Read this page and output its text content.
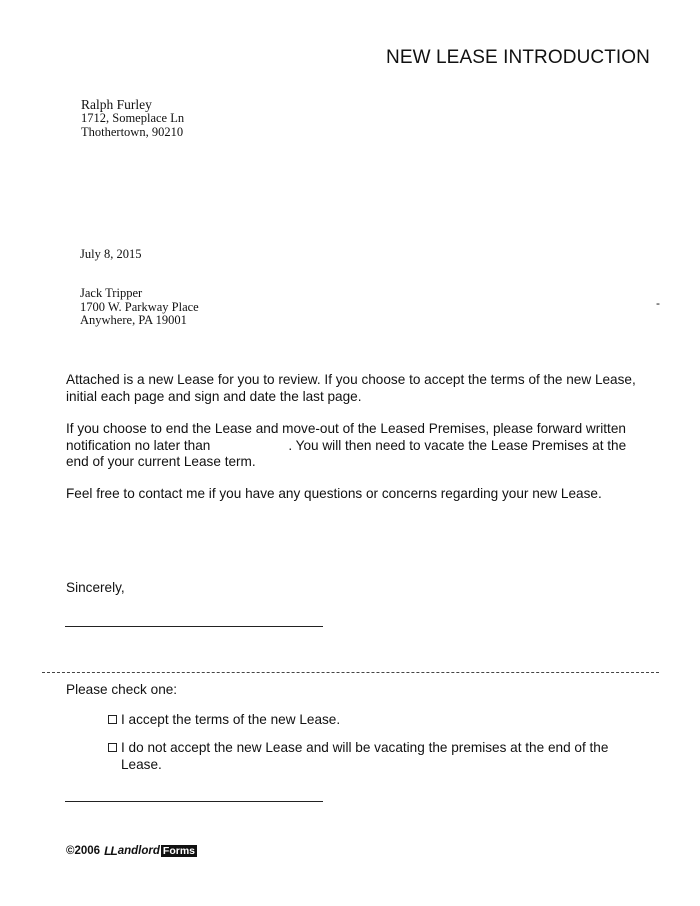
NEW LEASE INTRODUCTION
Ralph Furley
1712, Someplace Ln
Thothertown, 90210
July 8, 2015
Jack Tripper
1700 W. Parkway Place
Anywhere, PA 19001
-
Attached is a new Lease for you to review. If you choose to accept the terms of the new Lease, initial each page and sign and date the last page.
If you choose to end the Lease and move-out of the Leased Premises, please forward written notification no later than	. You will then need to vacate the Lease Premises at the end of your current Lease term.
Feel free to contact me if you have any questions or concerns regarding your new Lease.
Sincerely,
Please check one:
I accept the terms of the new Lease.
I do not accept the new Lease and will be vacating the premises at the end of the Lease.
©2006 LL andlord Forms
